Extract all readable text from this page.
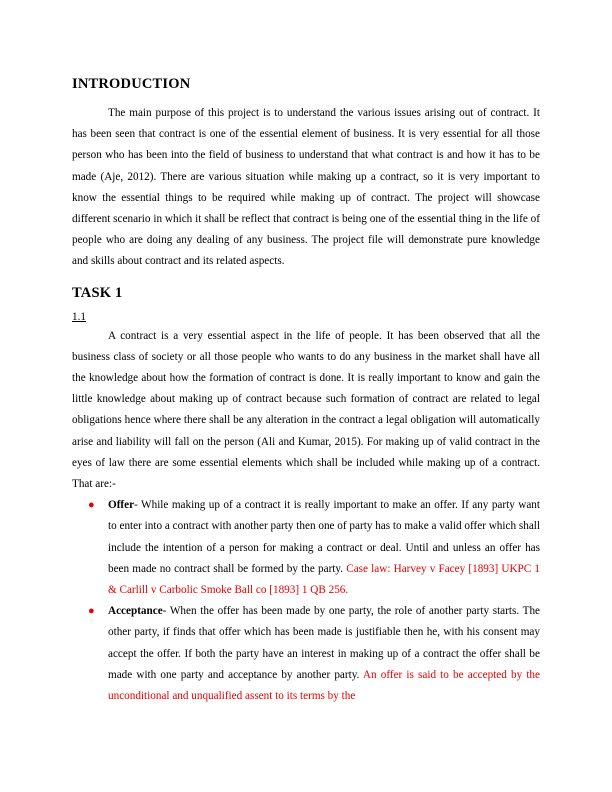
INTRODUCTION

The main purpose of this project is to understand the various issues arising out of contract. It has been seen that contract is one of the essential element of business. It is very essential for all those person who has been into the field of business to understand that what contract is and how it has to be made (Aje, 2012). There are various situation while making up a contract, so it is very important to know the essential things to be required while making up of contract. The project will showcase different scenario in which it shall be reflect that contract is being one of the essential thing in the life of people who are doing any dealing of any business. The project file will demonstrate pure knowledge and skills about contract and its related aspects.

TASK 1
1.1

A contract is a very essential aspect in the life of people. It has been observed that all the business class of society or all those people who wants to do any business in the market shall have all the knowledge about how the formation of contract is done. It is really important to know and gain the little knowledge about making up of contract because such formation of contract are related to legal obligations hence where there shall be any alteration in the contract a legal obligation will automatically arise and liability will fall on the person (Ali and Kumar, 2015). For making up of valid contract in the eyes of law there are some essential elements which shall be included while making up of a contract. That are:-

● Offer- While making up of a contract it is really important to make an offer. If any party want to enter into a contract with another party then one of party has to make a valid offer which shall include the intention of a person for making a contract or deal. Until and unless an offer has been made no contract shall be formed by the party. Case law: Harvey v Facey [1893] UKPC 1 & Carlill v Carbolic Smoke Ball co [1893] 1 QB 256.

● Acceptance- When the offer has been made by one party, the role of another party starts. The other party, if finds that offer which has been made is justifiable then he, with his consent may accept the offer. If both the party have an interest in making up of a contract the offer shall be made with one party and acceptance by another party. An offer is said to be accepted by the unconditional and unqualified assent to its terms by the
